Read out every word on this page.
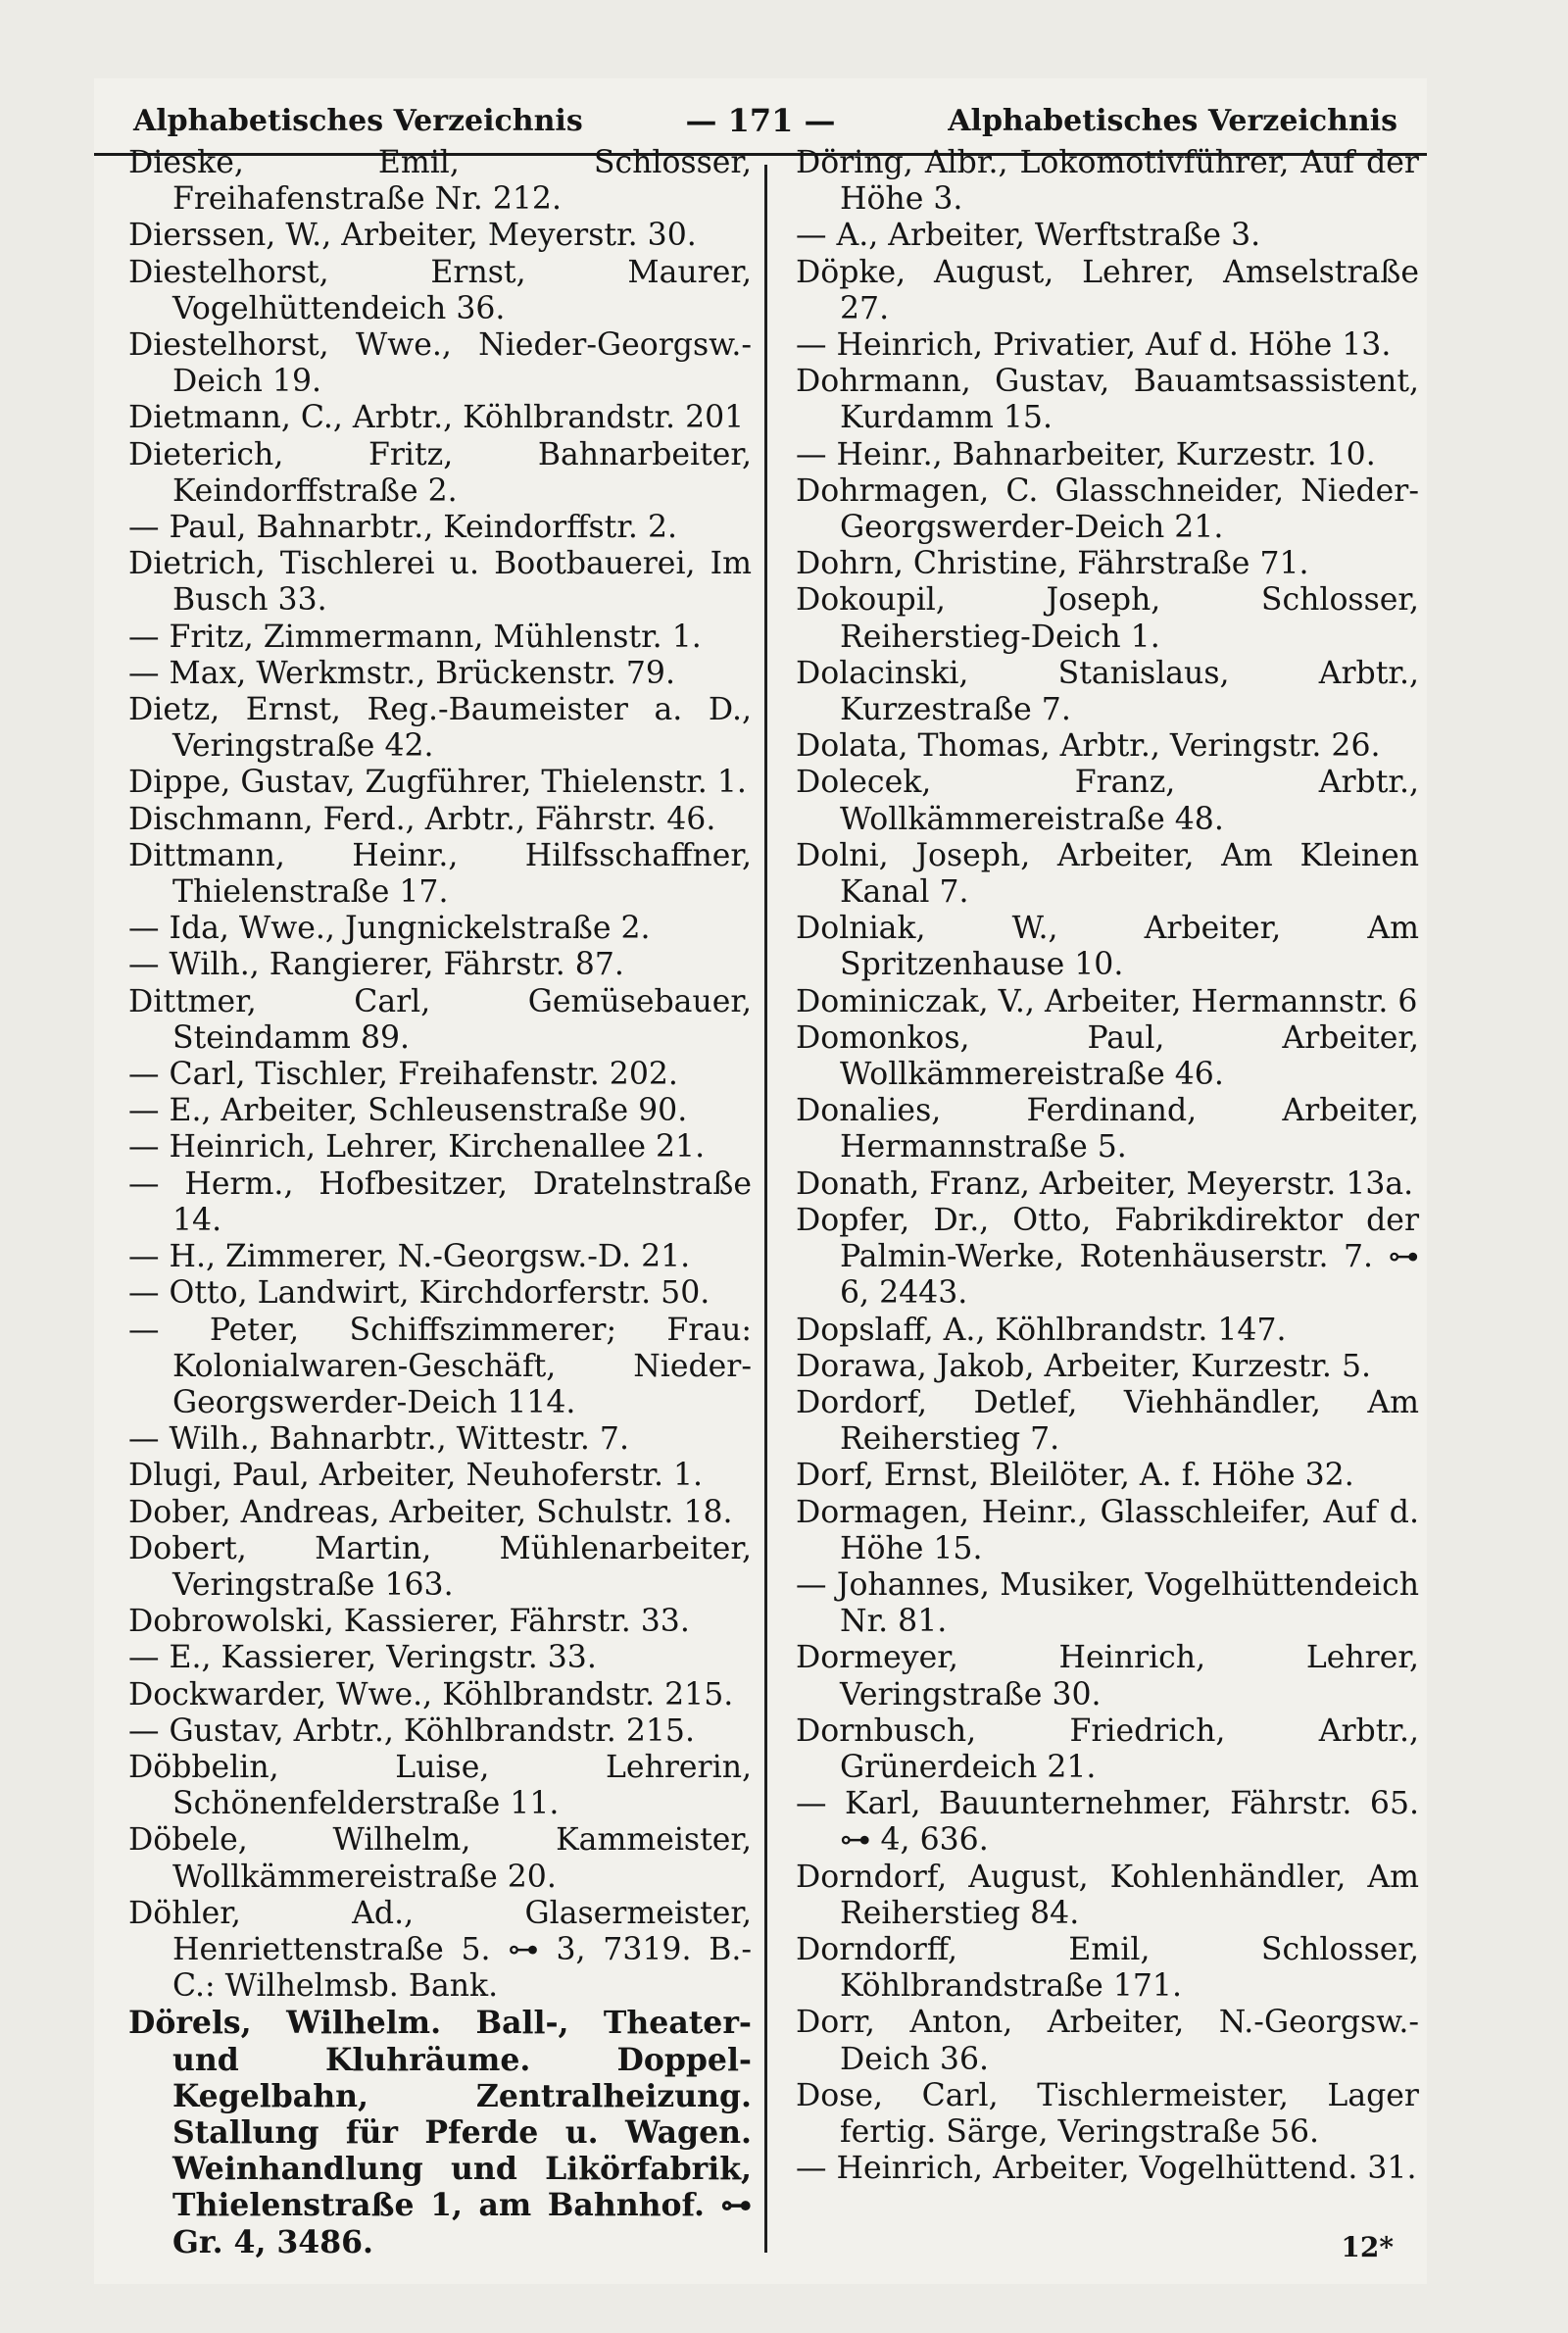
Alphabetisches Verzeichnis	— 171 —	Alphabetisches Verzeichnis

Dieske, Emil, Schlosser, Freihafenstraße Nr. 212.

Dierssen, W., Arbeiter, Meyerstr. 30.

Diestelhorst, Ernst, Maurer, Vogelhüttendeich 36.

Diestelhorst, Wwe., Nieder-Georgsw.-Deich 19.

Dietmann, C., Arbtr., Köhlbrandstr. 201

Dieterich, Fritz, Bahnarbeiter, Keindorffstraße 2.

— Paul, Bahnarbtr., Keindorffstr. 2.

Dietrich, Tischlerei u. Bootbauerei, Im Busch 33.

— Fritz, Zimmermann, Mühlenstr. 1.

— Max, Werkmstr., Brückenstr. 79.

Dietz, Ernst, Reg.-Baumeister a. D., Veringstraße 42.

Dippe, Gustav, Zugführer, Thielenstr. 1.

Dischmann, Ferd., Arbtr., Fährstr. 46.

Dittmann, Heinr., Hilfsschaffner, Thielenstraße 17.

— Ida, Wwe., Jungnickelstraße 2.

— Wilh., Rangierer, Fährstr. 87.

Dittmer, Carl, Gemüsebauer, Steindamm 89.

— Carl, Tischler, Freihafenstr. 202.

— E., Arbeiter, Schleusenstraße 90.

— Heinrich, Lehrer, Kirchenallee 21.

— Herm., Hofbesitzer, Dratelnstraße 14.

— H., Zimmerer, N.-Georgsw.-D. 21.

— Otto, Landwirt, Kirchdorferstr. 50.

— Peter, Schiffszimmerer; Frau: Kolonialwaren-Geschäft, Nieder-Georgswerder-Deich 114.

— Wilh., Bahnarbtr., Wittestr. 7.

Dlugi, Paul, Arbeiter, Neuhoferstr. 1.

Dober, Andreas, Arbeiter, Schulstr. 18.

Dobert, Martin, Mühlenarbeiter, Veringstraße 163.

Dobrowolski, Kassierer, Fährstr. 33.

— E., Kassierer, Veringstr. 33.

Dockwarder, Wwe., Köhlbrandstr. 215.

— Gustav, Arbtr., Köhlbrandstr. 215.

Döbbelin, Luise, Lehrerin, Schönenfelderstraße 11.

Döbele, Wilhelm, Kammeister, Wollkämmereistraße 20.

Döhler, Ad., Glasermeister, Henriettenstraße 5. ⊶ 3, 7319. B.-C.: Wilhelmsb. Bank.

Dörels, Wilhelm. Ball-, Theater- und Kluhräume. Doppel-Kegelbahn, Zentralheizung. Stallung für Pferde u. Wagen. Weinhandlung und Likörfabrik, Thielenstraße 1, am Bahnhof. ⊶ Gr. 4, 3486.

Döring, Albr., Lokomotivführer, Auf der Höhe 3.

— A., Arbeiter, Werftstraße 3.

Döpke, August, Lehrer, Amselstraße 27.

— Heinrich, Privatier, Auf d. Höhe 13.

Dohrmann, Gustav, Bauamtsassistent, Kurdamm 15.

— Heinr., Bahnarbeiter, Kurzestr. 10.

Dohrmagen, C. Glasschneider, Nieder-Georgswerder-Deich 21.

Dohrn, Christine, Fährstraße 71.

Dokoupil, Joseph, Schlosser, Reiherstieg-Deich 1.

Dolacinski, Stanislaus, Arbtr., Kurzestraße 7.

Dolata, Thomas, Arbtr., Veringstr. 26.

Dolecek, Franz, Arbtr., Wollkämmereistraße 48.

Dolni, Joseph, Arbeiter, Am Kleinen Kanal 7.

Dolniak, W., Arbeiter, Am Spritzenhause 10.

Dominiczak, V., Arbeiter, Hermannstr. 6

Domonkos, Paul, Arbeiter, Wollkämmereistraße 46.

Donalies, Ferdinand, Arbeiter, Hermannstraße 5.

Donath, Franz, Arbeiter, Meyerstr. 13a.

Dopfer, Dr., Otto, Fabrikdirektor der Palmin-Werke, Rotenhäuserstr. 7. ⊶ 6, 2443.

Dopslaff, A., Köhlbrandstr. 147.

Dorawa, Jakob, Arbeiter, Kurzestr. 5.

Dordorf, Detlef, Viehhändler, Am Reiherstieg 7.

Dorf, Ernst, Bleilöter, A. f. Höhe 32.

Dormagen, Heinr., Glasschleifer, Auf d. Höhe 15.

— Johannes, Musiker, Vogelhüttendeich Nr. 81.

Dormeyer, Heinrich, Lehrer, Veringstraße 30.

Dornbusch, Friedrich, Arbtr., Grünerdeich 21.

— Karl, Bauunternehmer, Fährstr. 65. ⊶ 4, 636.

Dorndorf, August, Kohlenhändler, Am Reiherstieg 84.

Dorndorff, Emil, Schlosser, Köhlbrandstraße 171.

Dorr, Anton, Arbeiter, N.-Georgsw.-Deich 36.

Dose, Carl, Tischlermeister, Lager fertig. Särge, Veringstraße 56.

— Heinrich, Arbeiter, Vogelhüttend. 31.

12*
